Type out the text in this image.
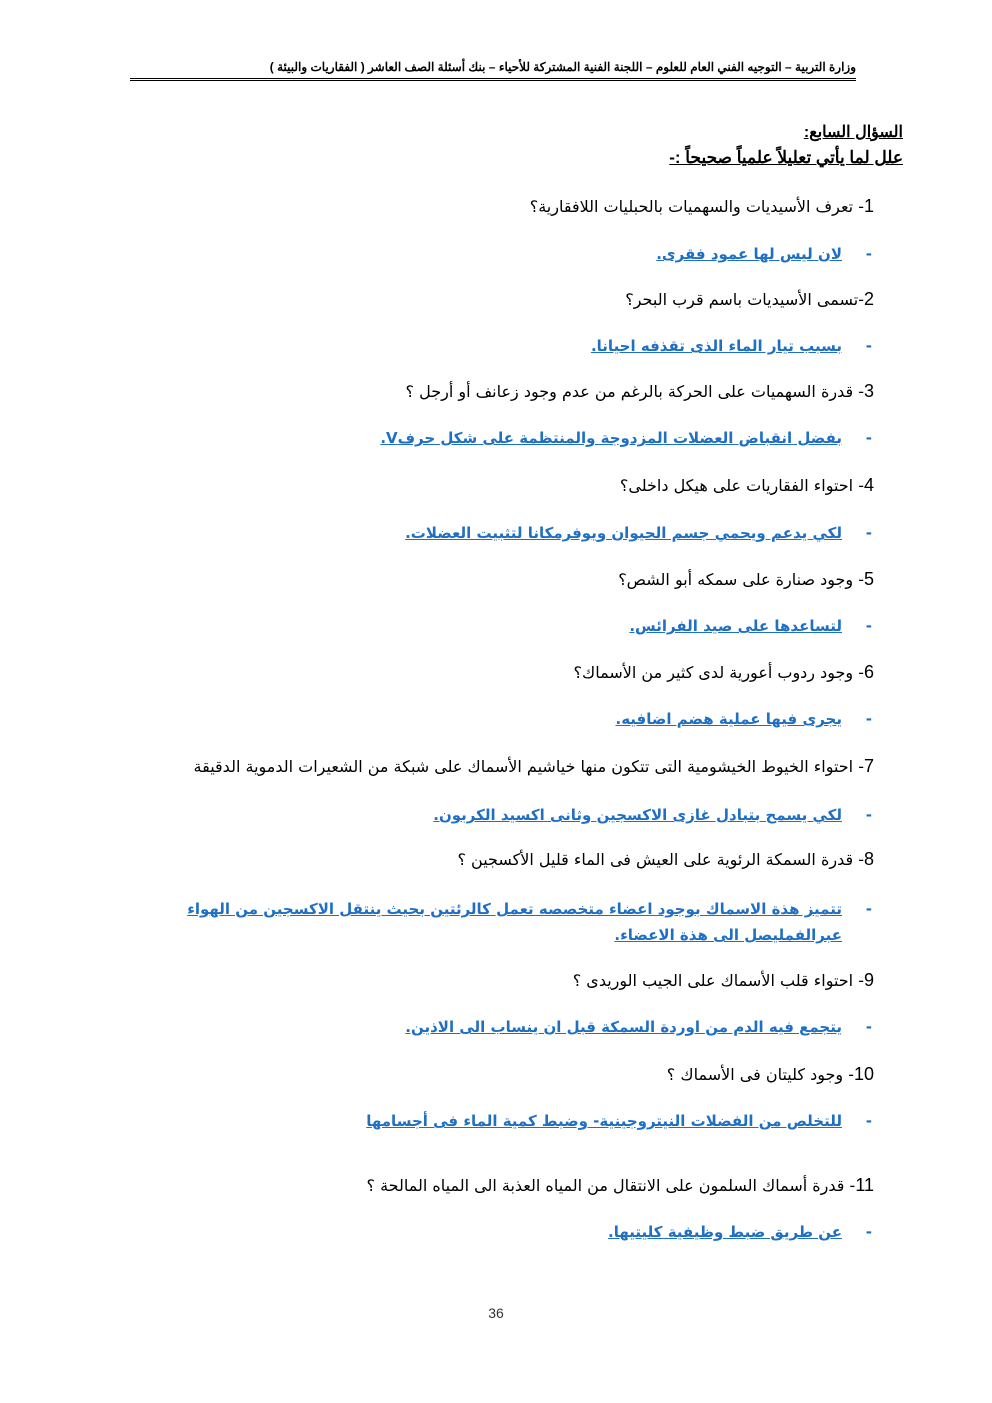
وزارة التربية – التوجيه الفني العام للعلوم – اللجنة الفنية المشتركة للأحياء – بنك أسئلة الصف العاشر ( الفقاريات والبيئة )
السؤال السابع:
علل لما يأتي تعليلاً علمياً صحيحاً :-
1- تعرف الأسيديات والسهميات بالحبليات اللافقارية؟
-لان ليس لها عمود فقرى.
2-تسمى الأسيديات باسم قرب البحر؟
-بسبب تيار الماء الذى تقذفه احيانا.
3- قدرة السهميات على الحركة بالرغم من عدم وجود زعانف أو أرجل ؟
-بفضل انقباض العضلات المزدوجة والمنتظمة على شكل حرفV.
4- احتواء الفقاريات على هيكل داخلى؟
-لكي يدعم ويحمي جسم الحيوان ويوفرمكانا لتثبيت العضلات.
5- وجود صنارة على سمكه أبو الشص؟
-لتساعدها على صيد الفرائس.
6- وجود ردوب أعورية لدى كثير من الأسماك؟
-يجرى فيها عملية هضم اضافيه.
7- احتواء الخيوط الخيشومية التى تتكون منها خياشيم الأسماك على شبكة من الشعيرات الدموية الدقيقة
-لكي يسمح بتبادل غازى الاكسجين وثانى اكسيد الكربون.
8- قدرة السمكة الرئوية على العيش فى الماء قليل الأكسجين ؟
-تتميز هذة الاسماك بوجود اعضاء متخصصه تعمل كالرئتين بحيث ينتقل الاكسجين من الهواء عبرالفمليصل الى هذة الاعضاء.
9- احتواء قلب الأسماك على الجيب الوريدى ؟
-يتجمع فيه الدم من اوردة السمكة قبل ان ينساب الى الاذين.
10- وجود كليتان فى الأسماك ؟
-للتخلص من الفضلات النيتروجينية- وضبط كمية الماء فى أجسامها
11- قدرة أسماك السلمون على الانتقال من المياه العذبة الى المياه المالحة ؟
-عن طريق ضبط وظيفية كليتيها.
36
